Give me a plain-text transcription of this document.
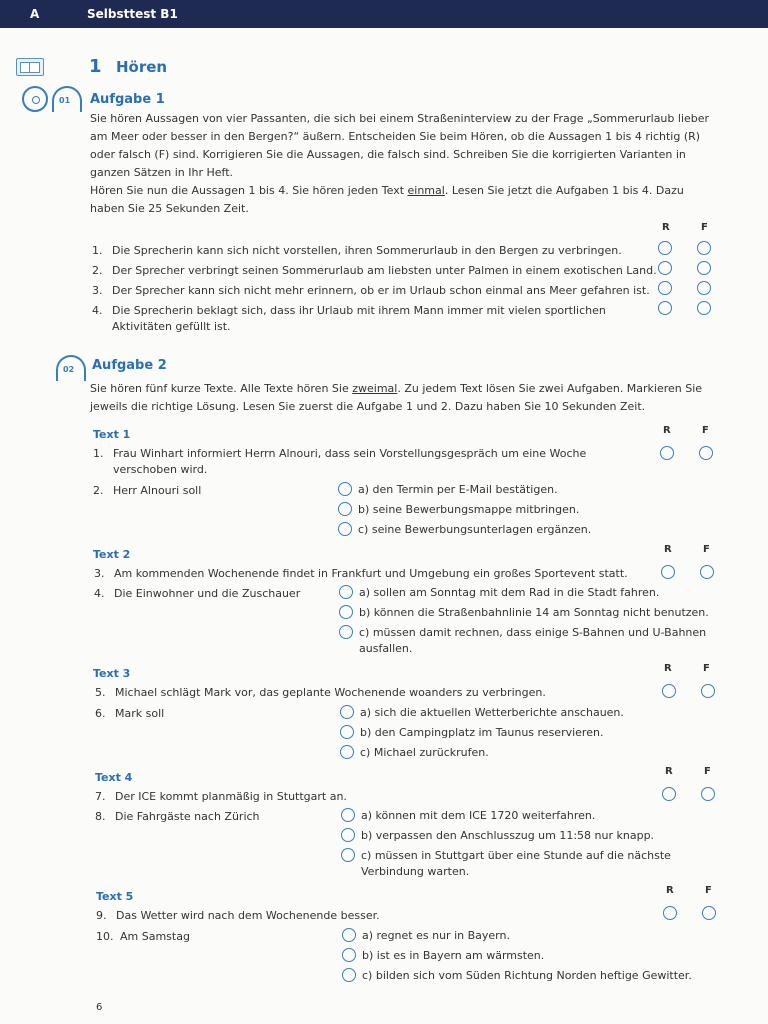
A	Selbsttest B1
1 Hören
01 Aufgabe 1

Sie hören Aussagen von vier Passanten, die sich bei einem Straßeninterview zu der Frage „Sommerurlaub lieber am Meer oder besser in den Bergen?“ äußern. Entscheiden Sie beim Hören, ob die Aussagen 1 bis 4 richtig (R) oder falsch (F) sind. Korrigieren Sie die Aussagen, die falsch sind. Schreiben Sie die korrigierten Varianten in ganzen Sätzen in Ihr Heft.

Hören Sie nun die Aussagen 1 bis 4. Sie hören jeden Text einmal. Lesen Sie jetzt die Aufgaben 1 bis 4. Dazu haben Sie 25 Sekunden Zeit.

R	F
1. Die Sprecherin kann sich nicht vorstellen, ihren Sommerurlaub in den Bergen zu verbringen.
2. Der Sprecher verbringt seinen Sommerurlaub am liebsten unter Palmen in einem exotischen Land.
3. Der Sprecher kann sich nicht mehr erinnern, ob er im Urlaub schon einmal ans Meer gefahren ist.
4. Die Sprecherin beklagt sich, dass ihr Urlaub mit ihrem Mann immer mit vielen sportlichen Aktivitäten gefüllt ist.
02 Aufgabe 2

Sie hören fünf kurze Texte. Alle Texte hören Sie zweimal. Zu jedem Text lösen Sie zwei Aufgaben. Markieren Sie jeweils die richtige Lösung. Lesen Sie zuerst die Aufgabe 1 und 2. Dazu haben Sie 10 Sekunden Zeit.

Text 1	R	F
1. Frau Winhart informiert Herrn Alnouri, dass sein Vorstellungsgespräch um eine Woche verschoben wird.
2. Herr Alnouri soll	a) den Termin per E-Mail bestätigen.
b) seine Bewerbungsmappe mitbringen.
c) seine Bewerbungsunterlagen ergänzen.
Text 2	R	F
3. Am kommenden Wochenende findet in Frankfurt und Umgebung ein großes Sportevent statt.
4. Die Einwohner und die Zuschauer	a) sollen am Sonntag mit dem Rad in die Stadt fahren.
b) können die Straßenbahnlinie 14 am Sonntag nicht benutzen.
c) müssen damit rechnen, dass einige S-Bahnen und U-Bahnen ausfallen.
Text 3	R	F
5. Michael schlägt Mark vor, das geplante Wochenende woanders zu verbringen.
6. Mark soll	a) sich die aktuellen Wetterberichte anschauen.
b) den Campingplatz im Taunus reservieren.
c) Michael zurückrufen.
Text 4	R	F
7. Der ICE kommt planmäßig in Stuttgart an.
8. Die Fahrgäste nach Zürich	a) können mit dem ICE 1720 weiterfahren.
b) verpassen den Anschlusszug um 11:58 nur knapp.
c) müssen in Stuttgart über eine Stunde auf die nächste Verbindung warten.
Text 5	R	F
9. Das Wetter wird nach dem Wochenende besser.
10. Am Samstag	a) regnet es nur in Bayern.
b) ist es in Bayern am wärmsten.
c) bilden sich vom Süden Richtung Norden heftige Gewitter.
6
